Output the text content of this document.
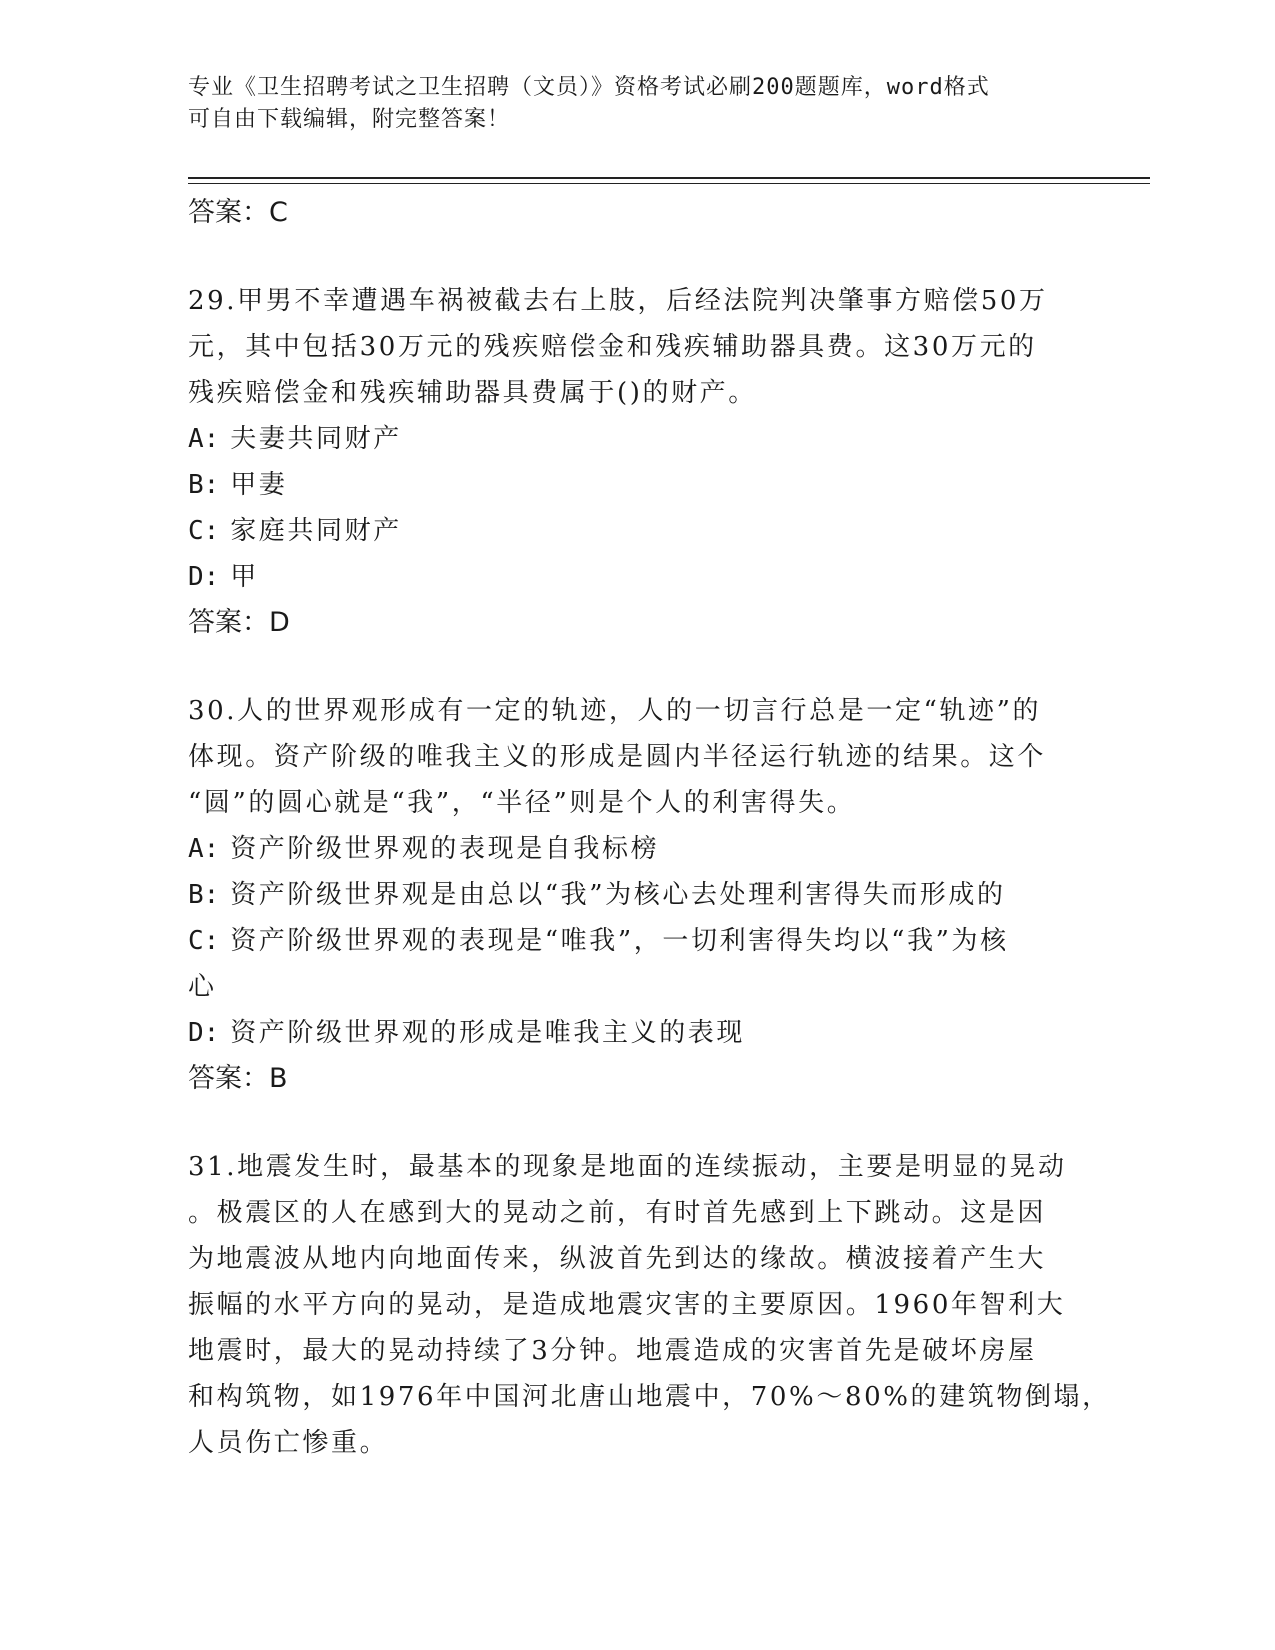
专业《卫生招聘考试之卫生招聘（文员）》资格考试必刷200题题库，word格式
可自由下载编辑，附完整答案！
答案：C
29.甲男不幸遭遇车祸被截去右上肢，后经法院判决肇事方赔偿50万
元，其中包括30万元的残疾赔偿金和残疾辅助器具费。这30万元的
残疾赔偿金和残疾辅助器具费属于()的财产。
A: 夫妻共同财产
B: 甲妻
C: 家庭共同财产
D: 甲
答案：D
30.人的世界观形成有一定的轨迹，人的一切言行总是一定“轨迹”的
体现。资产阶级的唯我主义的形成是圆内半径运行轨迹的结果。这个
“圆”的圆心就是“我”，“半径”则是个人的利害得失。
A: 资产阶级世界观的表现是自我标榜
B: 资产阶级世界观是由总以“我”为核心去处理利害得失而形成的
C: 资产阶级世界观的表现是“唯我”，一切利害得失均以“我”为核
心
D: 资产阶级世界观的形成是唯我主义的表现
答案：B
31.地震发生时，最基本的现象是地面的连续振动，主要是明显的晃动
。极震区的人在感到大的晃动之前，有时首先感到上下跳动。这是因
为地震波从地内向地面传来，纵波首先到达的缘故。横波接着产生大
振幅的水平方向的晃动，是造成地震灾害的主要原因。1960年智利大
地震时，最大的晃动持续了3分钟。地震造成的灾害首先是破坏房屋
和构筑物，如1976年中国河北唐山地震中，70%～80%的建筑物倒塌，
人员伤亡惨重。
